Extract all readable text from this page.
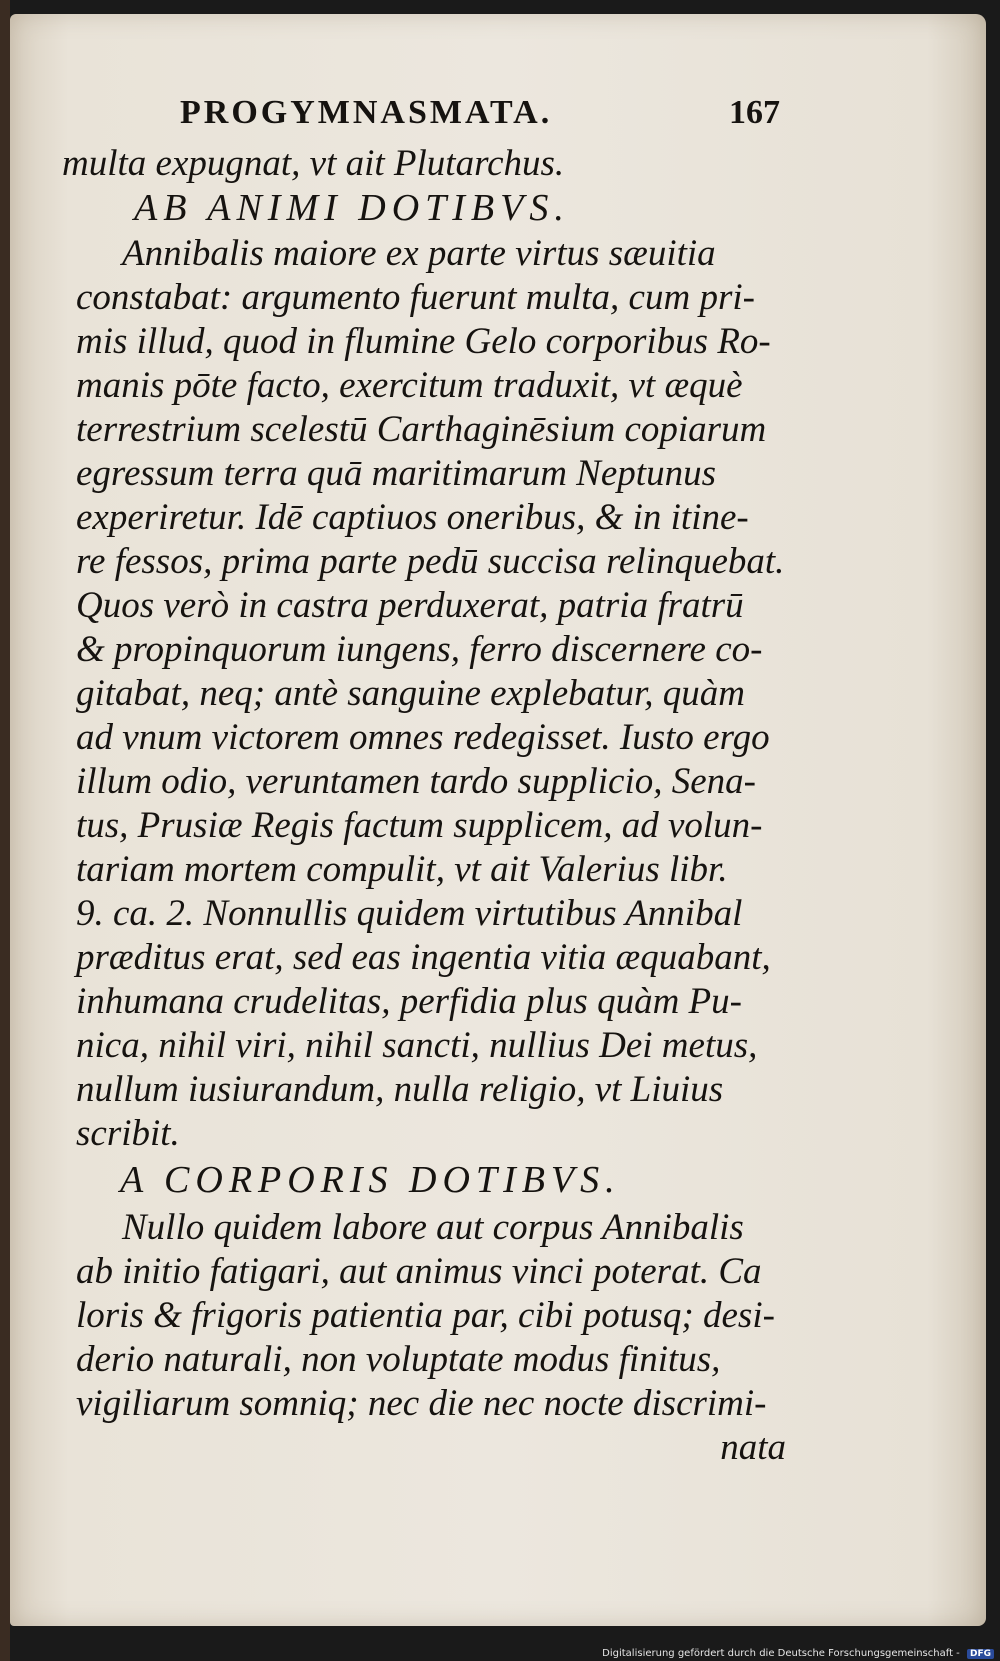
PROGYMNASMATA.	167
multa expugnat, vt ait Plutarchus.
AB ANIMI DOTIBVS.
Annibalis maiore ex parte virtus sæuitia
constabat: argumento fuerunt multa, cum pri-
mis illud, quod in flumine Gelo corporibus Ro-
manis pōte facto, exercitum traduxit, vt æquè
terrestrium scelestū Carthaginēsium copiarum
egressum terra quā maritimarum Neptunus
experiretur. Idē captiuos oneribus, & in itine-
re fessos, prima parte pedū succisa relinquebat.
Quos verò in castra perduxerat, patria fratrū
& propinquorum iungens, ferro discernere co-
gitabat, neq; antè sanguine explebatur, quàm
ad vnum victorem omnes redegisset. Iusto ergo
illum odio, veruntamen tardo supplicio, Sena-
tus, Prusiæ Regis factum supplicem, ad volun-
tariam mortem compulit, vt ait Valerius libr.
9. ca. 2. Nonnullis quidem virtutibus Annibal
præditus erat, sed eas ingentia vitia æquabant,
inhumana crudelitas, perfidia plus quàm Pu-
nica, nihil viri, nihil sancti, nullius Dei metus,
nullum iusiurandum, nulla religio, vt Liuius
scribit.
A CORPORIS DOTIBVS.
Nullo quidem labore aut corpus Annibalis
ab initio fatigari, aut animus vinci poterat. Ca
loris & frigoris patientia par, cibi potusq; desi-
derio naturali, non voluptate modus finitus,
vigiliarum somniq; nec die nec nocte discrimi-
nata
Digitalisierung gefördert durch die Deutsche Forschungsgemeinschaft - DFG
